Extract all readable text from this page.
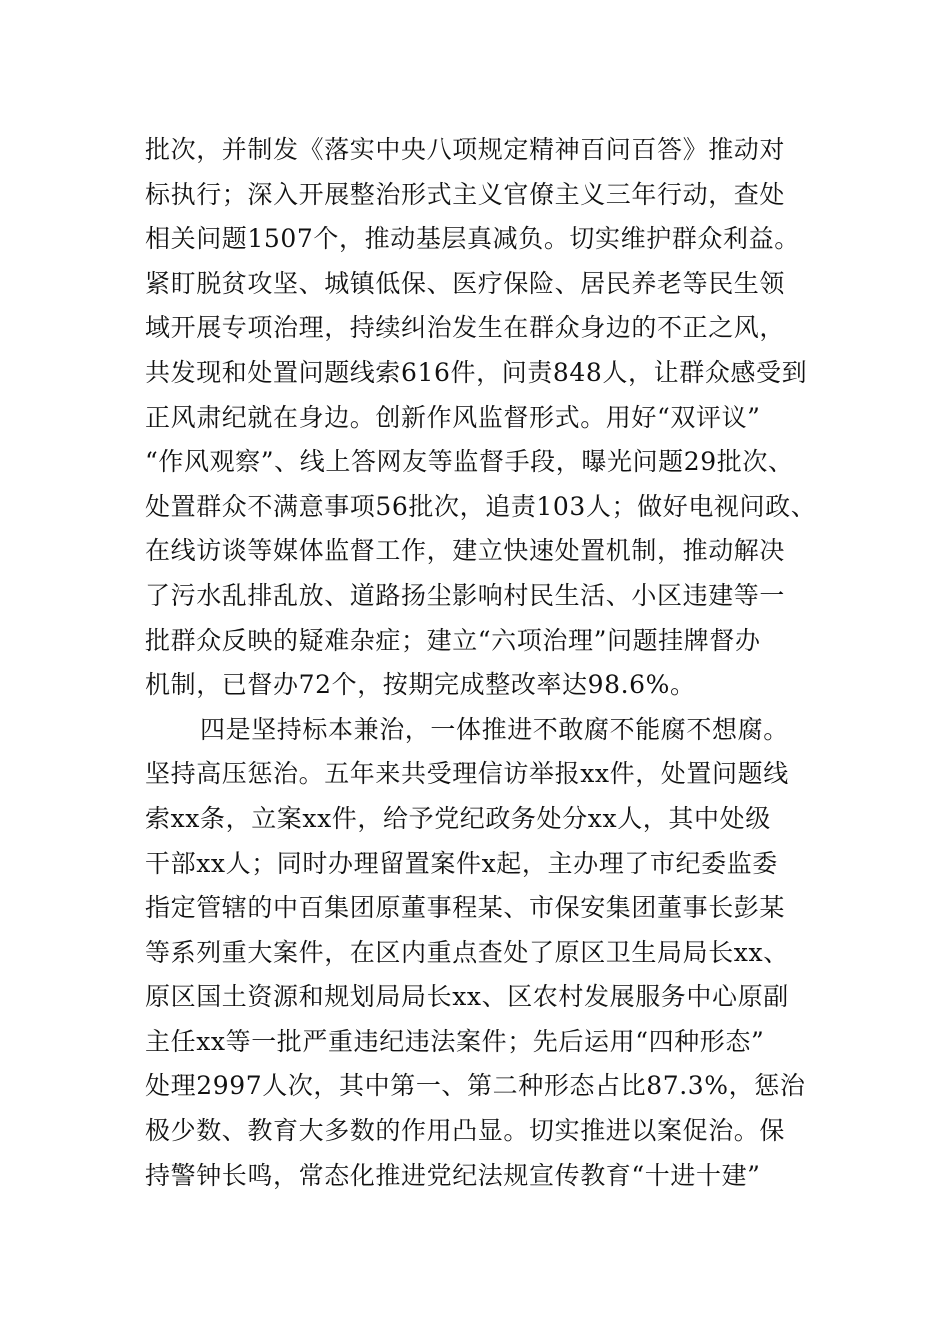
批次，并制发《落实中央八项规定精神百问百答》推动对
标执行；深入开展整治形式主义官僚主义三年行动，查处
相关问题1507个，推动基层真减负。切实维护群众利益。
紧盯脱贫攻坚、城镇低保、医疗保险、居民养老等民生领
域开展专项治理，持续纠治发生在群众身边的不正之风，
共发现和处置问题线索616件，问责848人，让群众感受到
正风肃纪就在身边。创新作风监督形式。用好“双评议”
“作风观察”、线上答网友等监督手段，曝光问题29批次、
处置群众不满意事项56批次，追责103人；做好电视问政、
在线访谈等媒体监督工作，建立快速处置机制，推动解决
了污水乱排乱放、道路扬尘影响村民生活、小区违建等一
批群众反映的疑难杂症；建立“六项治理”问题挂牌督办
机制，已督办72个，按期完成整改率达98.6%。
四是坚持标本兼治，一体推进不敢腐不能腐不想腐。
坚持高压惩治。五年来共受理信访举报xx件，处置问题线
索xx条，立案xx件，给予党纪政务处分xx人，其中处级
干部xx人；同时办理留置案件x起，主办理了市纪委监委
指定管辖的中百集团原董事程某、市保安集团董事长彭某
等系列重大案件，在区内重点查处了原区卫生局局长xx、
原区国土资源和规划局局长xx、区农村发展服务中心原副
主任xx等一批严重违纪违法案件；先后运用“四种形态”
处理2997人次，其中第一、第二种形态占比87.3%，惩治
极少数、教育大多数的作用凸显。切实推进以案促治。保
持警钟长鸣，常态化推进党纪法规宣传教育“十进十建”
